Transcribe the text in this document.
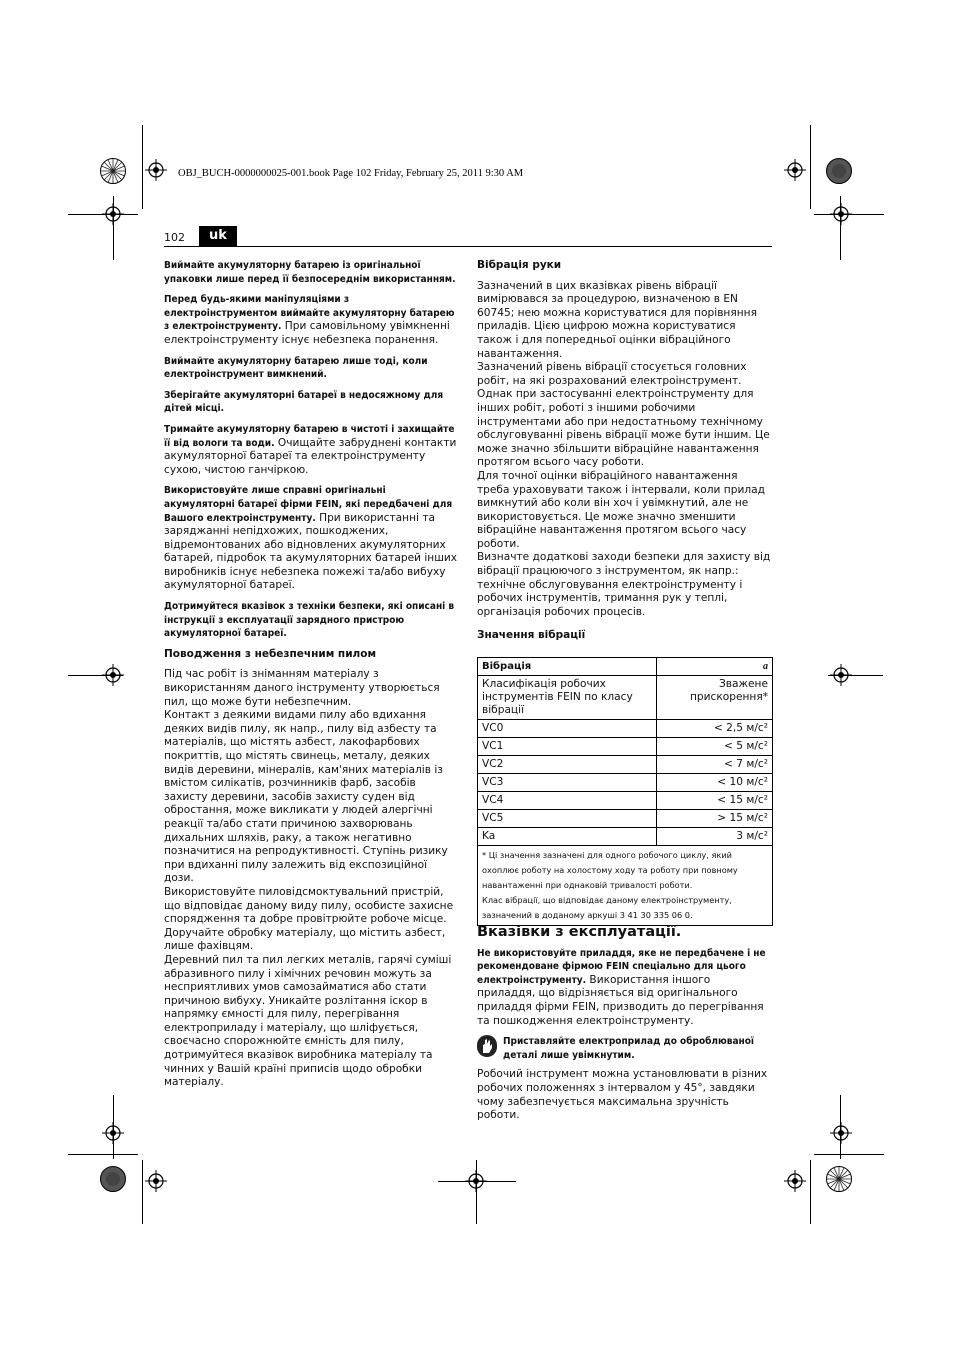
OBJ_BUCH-0000000025-001.book Page 102 Friday, February 25, 2011 9:30 AM
102	uk

Виймайте акумуляторну батарею із оригінальної упаковки лише перед її безпосереднім використанням.

Перед будь-якими маніпуляціями з електроінструментом виймайте акумуляторну батарею з електроінструменту. При самовільному увімкненні електроінструменту існує небезпека поранення.

Виймайте акумуляторну батарею лише тоді, коли електроінструмент вимкнений.

Зберігайте акумуляторні батареї в недосяжному для дітей місці.

Тримайте акумуляторну батарею в чистоті і захищайте її від вологи та води. Очищайте забруднені контакти акумуляторної батареї та електроінструменту сухою, чистою ганчіркою.

Використовуйте лише справні оригінальні акумуляторні батареї фірми FEIN, які передбачені для Вашого електроінструменту. При використанні та заряджанні непідхожих, пошкоджених, відремонтованих або відновлених акумуляторних батарей, підробок та акумуляторних батарей інших виробників існує небезпека пожежі та/або вибуху акумуляторної батареї.

Дотримуйтеся вказівок з техніки безпеки, які описані в інструкції з експлуатації зарядного пристрою акумуляторної батареї.

Поводження з небезпечним пилом

Під час робіт із зніманням матеріалу з використанням даного інструменту утворюється пил, що може бути небезпечним.

Контакт з деякими видами пилу або вдихання деяких видів пилу, як напр., пилу від азбесту та матеріалів, що містять азбест, лакофарбових покриттів, що містять свинець, металу, деяких видів деревини, мінералів, кам'яних матеріалів із вмістом силікатів, розчинників фарб, засобів захисту деревини, засобів захисту суден від обростання, може викликати у людей алергічні реакції та/або стати причиною захворювань дихальних шляхів, раку, а також негативно позначитися на репродуктивності. Ступінь ризику при вдиханні пилу залежить від експозиційної дози.

Використовуйте пиловідсмоктувальний пристрій, що відповідає даному виду пилу, особисте захисне спорядження та добре провітрюйте робоче місце. Доручайте обробку матеріалу, що містить азбест, лише фахівцям.

Деревний пил та пил легких металів, гарячі суміші абразивного пилу і хімічних речовин можуть за несприятливих умов самозайматися або стати причиною вибуху. Уникайте розлітання іскор в напрямку ємності для пилу, перегрівання електроприладу і матеріалу, що шліфується, своєчасно спорожнюйте ємність для пилу, дотримуйтеся вказівок виробника матеріалу та чинних у Вашій країні приписів щодо обробки матеріалу.

Вібрація руки

Зазначений в цих вказівках рівень вібрації вимірювався за процедурою, визначеною в EN 60745; нею можна користуватися для порівняння приладів. Цією цифрою можна користуватися також і для попередньої оцінки вібраційного навантаження.

Зазначений рівень вібрації стосується головних робіт, на які розрахований електроінструмент. Однак при застосуванні електроінструменту для інших робіт, роботі з іншими робочими інструментами або при недостатньому технічному обслуговуванні рівень вібрації може бути іншим. Це може значно збільшити вібраційне навантаження протягом всього часу роботи.

Для точної оцінки вібраційного навантаження треба ураховувати також і інтервали, коли прилад вимкнутий або коли він хоч і увімкнутий, але не використовується. Це може значно зменшити вібраційне навантаження протягом всього часу роботи.

Визначте додаткові заходи безпеки для захисту від вібрації працюючого з інструментом, як напр.: технічне обслуговування електроінструменту і робочих інструментів, тримання рук у теплі, організація робочих процесів.

Значення вібрації

Вібрація	a
Класифікація робочих інструментів FEIN по класу вібрації	Зважене прискорення*
VC0	< 2,5 м/с²
VC1	< 5 м/с²
VC2	< 7 м/с²
VC3	< 10 м/с²
VC4	< 15 м/с²
VC5	> 15 м/с²
Ka	3 м/с²

* Ці значення зазначені для одного робочого циклу, який охоплює роботу на холостому ходу та роботу при повному навантаженні при однаковій тривалості роботи.
Клас вібрації, що відповідає даному електроінструменту, зазначений в доданому аркуші 3 41 30 335 06 0.	

Вказівки з експлуатації.

Не використовуйте приладдя, яке не передбачене і не рекомендоване фірмою FEIN спеціально для цього електроінструменту. Використання іншого приладдя, що відрізняється від оригінального приладдя фірми FEIN, призводить до перегрівання та пошкодження електроінструменту.

Приставляйте електроприлад до оброблюваної деталі лише увімкнутим.

Робочий інструмент можна установлювати в різних робочих положеннях з інтервалом у 45°, завдяки чому забезпечується максимальна зручність роботи.
